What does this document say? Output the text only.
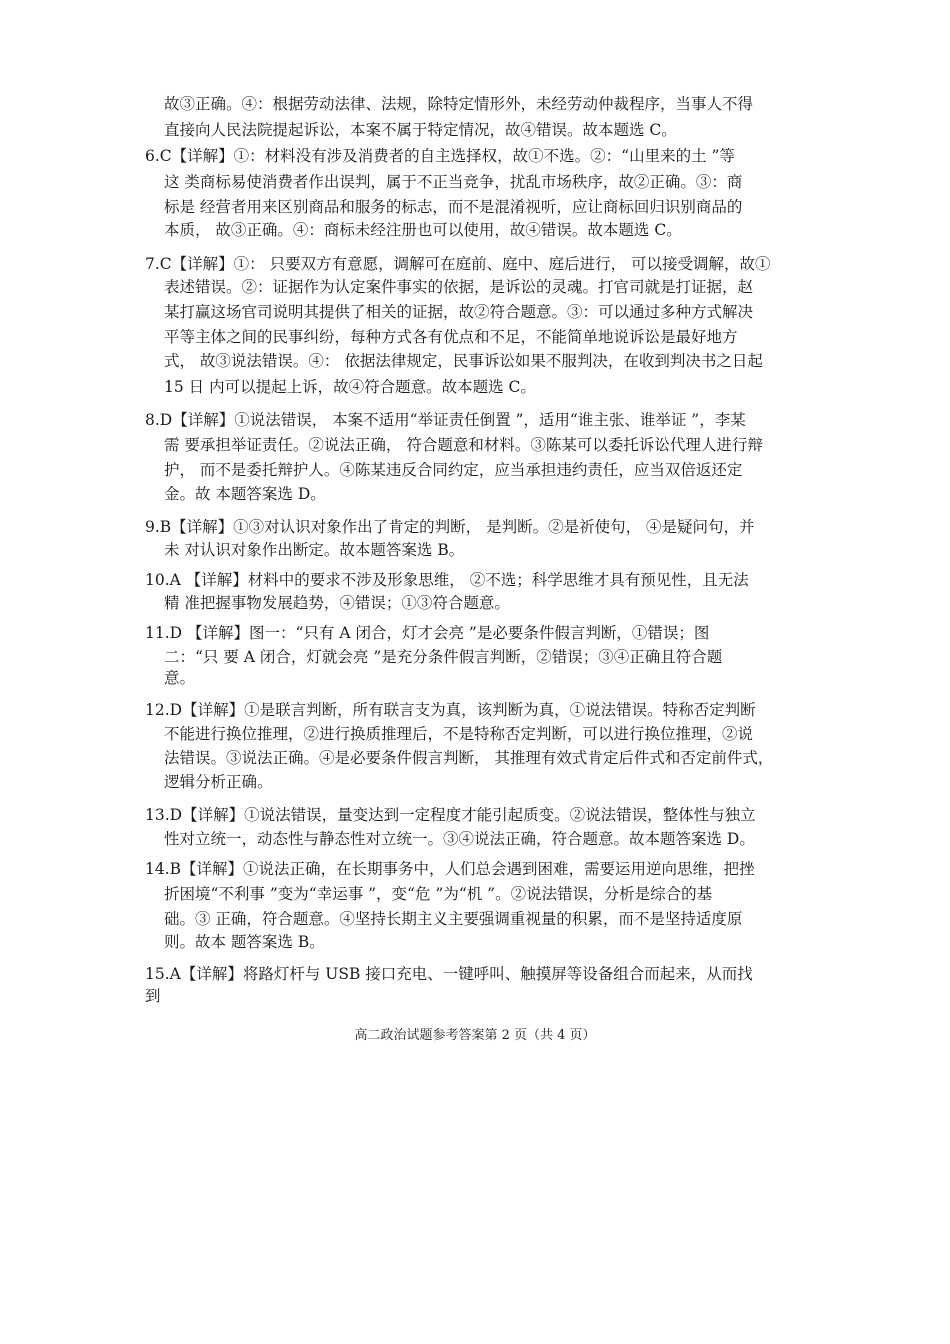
故③正确。④：根据劳动法律、法规，除特定情形外，未经劳动仲裁程序，当事人不得
直接向人民法院提起诉讼，本案不属于特定情况，故④错误。故本题选 C。
6.C【详解】①：材料没有涉及消费者的自主选择权，故①不选。②：“山里来的土 ”等
这 类商标易使消费者作出误判，属于不正当竞争，扰乱市场秩序，故②正确。③：商
标是 经营者用来区别商品和服务的标志，而不是混淆视听，应让商标回归识别商品的
本质， 故③正确。④：商标未经注册也可以使用，故④错误。故本题选 C。
7.C【详解】①： 只要双方有意愿，调解可在庭前、庭中、庭后进行， 可以接受调解，故①
表述错误。②：证据作为认定案件事实的依据，是诉讼的灵魂。打官司就是打证据，赵
某打赢这场官司说明其提供了相关的证据，故②符合题意。③：可以通过多种方式解决
平等主体之间的民事纠纷，每种方式各有优点和不足，不能简单地说诉讼是最好地方
式， 故③说法错误。④： 依据法律规定，民事诉讼如果不服判决，在收到判决书之日起
15 日 内可以提起上诉，故④符合题意。故本题选 C。
8.D【详解】①说法错误， 本案不适用“举证责任倒置 ”，适用“谁主张、谁举证 ”，李某
需 要承担举证责任。②说法正确， 符合题意和材料。③陈某可以委托诉讼代理人进行辩
护， 而不是委托辩护人。④陈某违反合同约定，应当承担违约责任，应当双倍返还定
金。故 本题答案选 D。
9.B【详解】①③对认识对象作出了肯定的判断， 是判断。②是祈使句， ④是疑问句，并
未 对认识对象作出断定。故本题答案选 B。
10.A 【详解】材料中的要求不涉及形象思维， ②不选；科学思维才具有预见性，且无法
精 准把握事物发展趋势，④错误；①③符合题意。
11.D 【详解】图一：“只有 A 闭合，灯才会亮 ”是必要条件假言判断，①错误；图
二：“只 要 A 闭合，灯就会亮 ”是充分条件假言判断，②错误；③④正确且符合题
意。
12.D【详解】①是联言判断，所有联言支为真，该判断为真，①说法错误。特称否定判断
不能进行换位推理，②进行换质推理后，不是特称否定判断，可以进行换位推理，②说
法错误。③说法正确。④是必要条件假言判断， 其推理有效式肯定后件式和否定前件式，
逻辑分析正确。
13.D【详解】①说法错误，量变达到一定程度才能引起质变。②说法错误，整体性与独立
性对立统一，动态性与静态性对立统一。③④说法正确，符合题意。故本题答案选 D。
14.B【详解】①说法正确，在长期事务中，人们总会遇到困难，需要运用逆向思维，把挫
折困境“不利事 ”变为“幸运事 ”，变“危 ”为“机 ”。②说法错误，分析是综合的基
础。③ 正确，符合题意。④坚持长期主义主要强调重视量的积累，而不是坚持适度原
则。故本 题答案选 B。
15.A【详解】将路灯杆与 USB 接口充电、一键呼叫、触摸屏等设备组合而起来，从而找
到
高二政治试题参考答案第 2 页（共 4 页）
